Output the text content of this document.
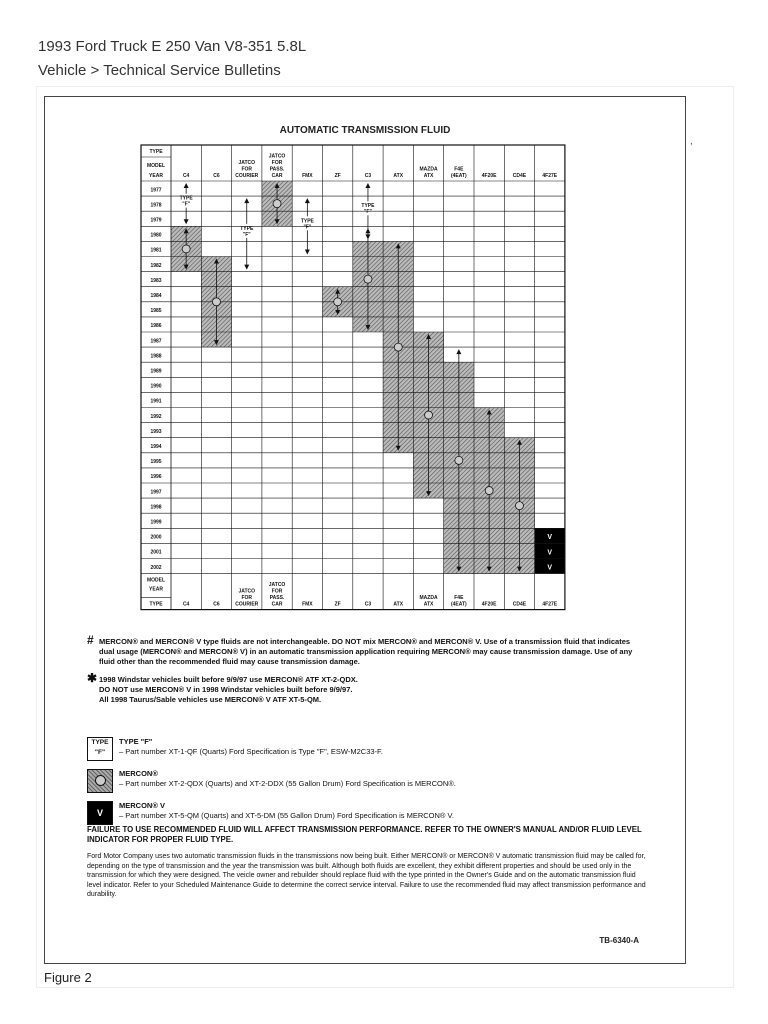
1993 Ford Truck E 250 Van V8-351 5.8L
Vehicle > Technical Service Bulletins
,
AUTOMATIC TRANSMISSION FLUID
V
V
V
TYPE
MODEL
YEAR
MODEL
YEAR
TYPE
C4
C4
C6
C6
JATCO
JATCO
FOR
FOR
COURIER
COURIER
JATCO
JATCO
FOR
FOR
PASS.
PASS.
CAR
CAR
FMX
FMX
ZF
ZF
C3
C3
ATX
ATX
MAZDA
MAZDA
ATX
ATX
F4E
F4E
(4EAT)
(4EAT)
4F20E
4F20E
CD4E
CD4E
4F27E
4F27E
1977
1978
1979
1980
1981
1982
1983
1984
1985
1986
1987
1988
1989
1990
1991
1992
1993
1994
1995
1996
1997
1998
1999
2000
2001
2002
TYPE
"F"
TYPE
"F"
TYPE
"F"
TYPE
"F"
# MERCON® and MERCON® V type fluids are not interchangeable. DO NOT mix MERCON® and MERCON® V. Use of a transmission fluid that indicates dual usage (MERCON® and MERCON® V) in an automatic transmission application requiring MERCON® may cause transmission damage. Use of any fluid other than the recommended fluid may cause transmission damage.
✱ 1998 Windstar vehicles built before 9/9/97 use MERCON® ATF XT-2-QDX.
DO NOT use MERCON® V in 1998 Windstar vehicles built before 9/9/97.
All 1998 Taurus/Sable vehicles use MERCON® V ATF XT-5-QM.
TYPE "F"
TYPE "F"
– Part number XT-1-QF (Quarts) Ford Specification is Type "F", ESW-M2C33-F.
MERCON®
– Part number XT-2-QDX (Quarts) and XT-2-DDX (55 Gallon Drum) Ford Specification is MERCON®.
V
MERCON® V
– Part number XT-5-QM (Quarts) and XT-5-DM (55 Gallon Drum) Ford Specification is MERCON® V.
FAILURE TO USE RECOMMENDED FLUID WILL AFFECT TRANSMISSION PERFORMANCE. REFER TO THE OWNER'S MANUAL AND/OR FLUID LEVEL INDICATOR FOR PROPER FLUID TYPE.
Ford Motor Company uses two automatic transmission fluids in the transmissions now being built. Either MERCON® or MERCON® V automatic transmission fluid may be called for, depending on the type of transmission and the year the transmission was built. Although both fluids are excellent, they exhibit different properties and should be used only in the transmission for which they were designed. The veicle owner and rebuilder should replace fluid with the type printed in the Owner's Guide and on the automatic transmission fluid level indicator. Refer to your Scheduled Maintenance Guide to determine the correct service interval. Failure to use the recommended fluid may affect transmission performance and durability.
TB-6340-A
Figure 2
